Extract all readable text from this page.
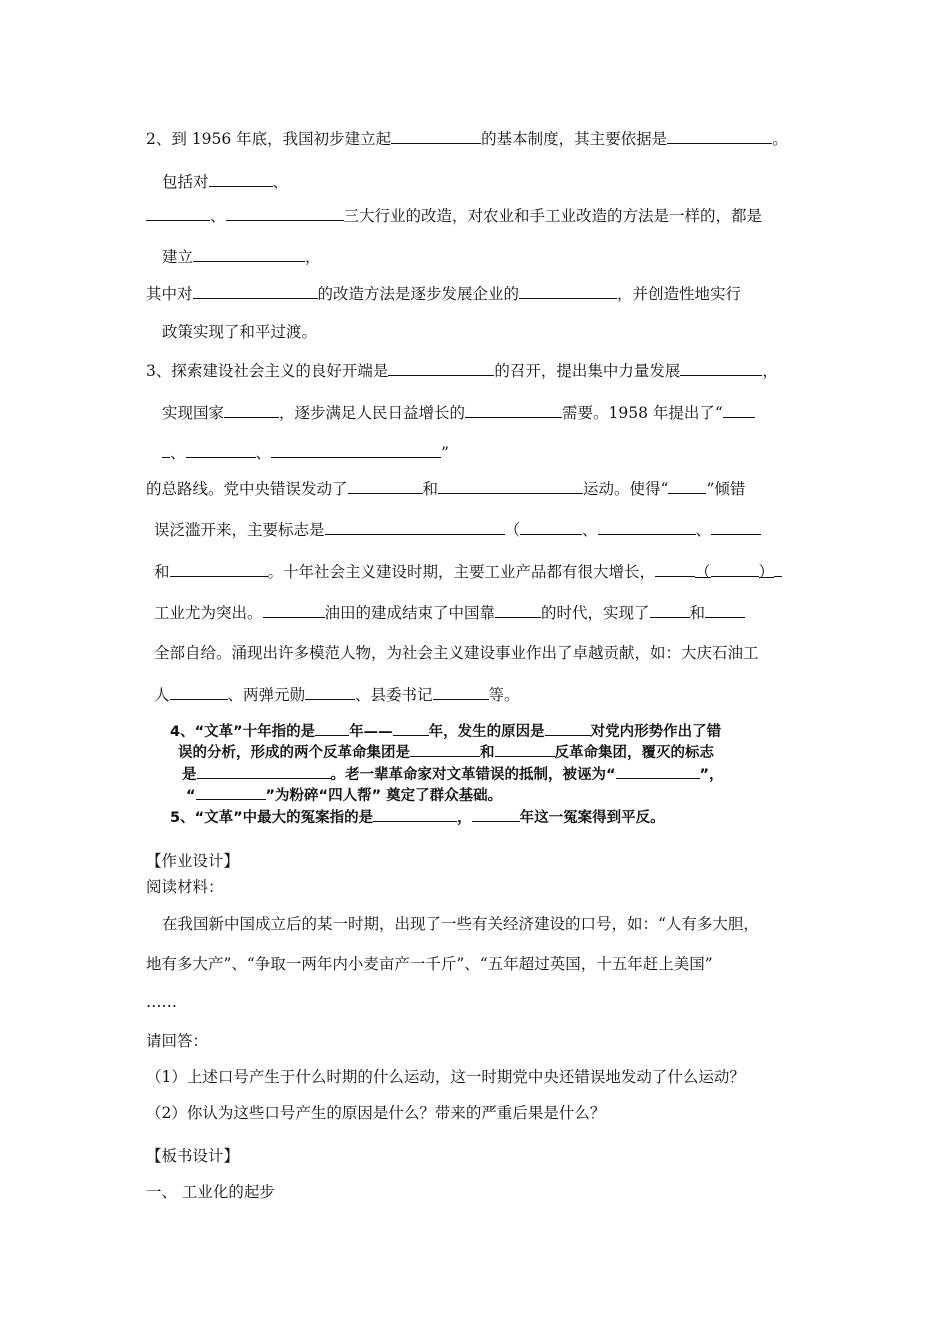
2、到 1956 年底，我国初步建立起	的基本制度，其主要依据是	。
包括对	、
、	三大行业的改造，对农业和手工业改造的方法是一样的，都是
建立	，
其中对	的改造方法是逐步发展企业的	，并创造性地实行
政策实现了和平过渡。
3、探索建设社会主义的良好开端是	的召开，提出集中力量发展	，
实现国家	，逐步满足人民日益增长的	需要。1958 年提出了“
、	、	”
的总路线。党中央错误发动了	和	运动。使得“ ”倾错
误泛滥开来，主要标志是	（	、	、
和	。十年社会主义建设时期，主要工业产品都有很大增长，	（	）
工业尤为突出。	油田的建成结束了中国靠	的时代，实现了	和
全部自给。涌现出许多模范人物，为社会主义建设事业作出了卓越贡献，如：大庆石油工
人	、两弹元勋	、县委书记	等。
4、“文革”十年指的是 年—— 年，发生的原因是	对党内形势作出了错
误的分析，形成的两个反革命集团是	和	反革命集团，覆灭的标志
是	。老一辈革命家对文革错误的抵制，被诬为“	”，
“	”为粉碎“四人帮” 奠定了群众基础。
5、“文革”中最大的冤案指的是	，	年这一冤案得到平反。
【作业设计】
阅读材料：
在我国新中国成立后的某一时期，出现了一些有关经济建设的口号，如：“人有多大胆，
地有多大产”、“争取一两年内小麦亩产一千斤”、“五年超过英国，十五年赶上美国”
……
请回答：
（1）上述口号产生于什么时期的什么运动，这一时期党中央还错误地发动了什么运动？
（2）你认为这些口号产生的原因是什么？带来的严重后果是什么？
【板书设计】
一、 工业化的起步
